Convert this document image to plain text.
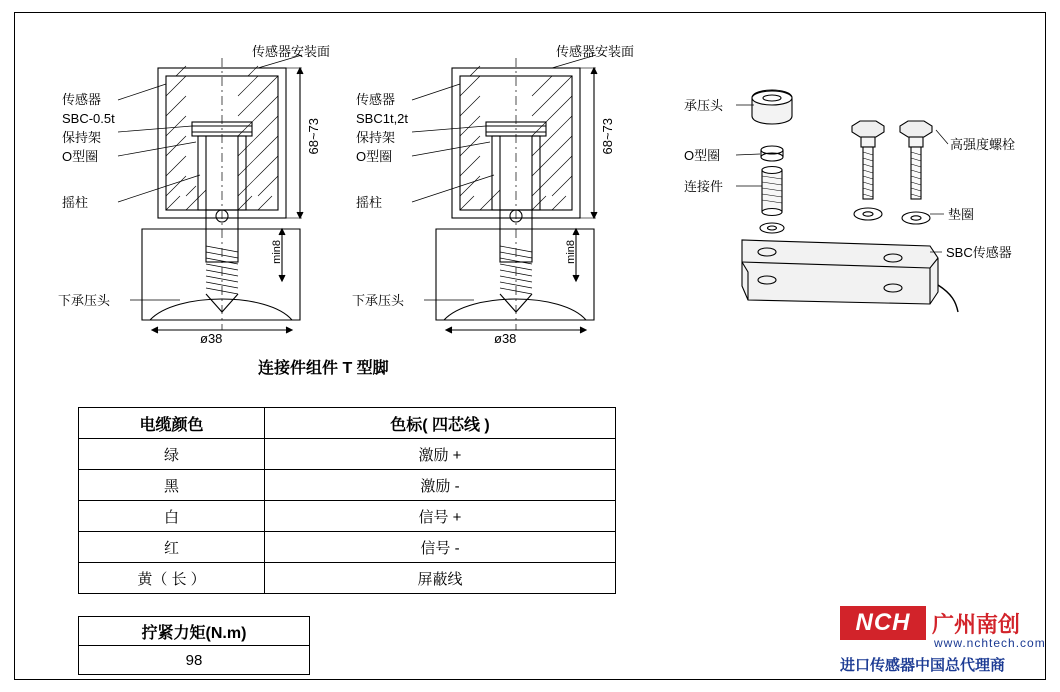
传感器安装面
传感器
SBC-0.5t
保持架
O型圈
摇柱
下承压头
68~73
min8
ø38
传感器安装面
传感器
SBC1t,2t
保持架
O型圈
摇柱
下承压头
68~73
min8
ø38
承压头
O型圈
连接件
高强度螺栓
垫圈
SBC传感器
连接件组件 T 型脚
电缆颜色	色标( 四芯线 )
绿	激励 +
黑	激励 -
白	信号 +
红	信号 -
黄（ 长 ）	屏蔽线
拧紧力矩(N.m)
98
NCH 广州南创
www.nchtech.com
进口传感器中国总代理商
